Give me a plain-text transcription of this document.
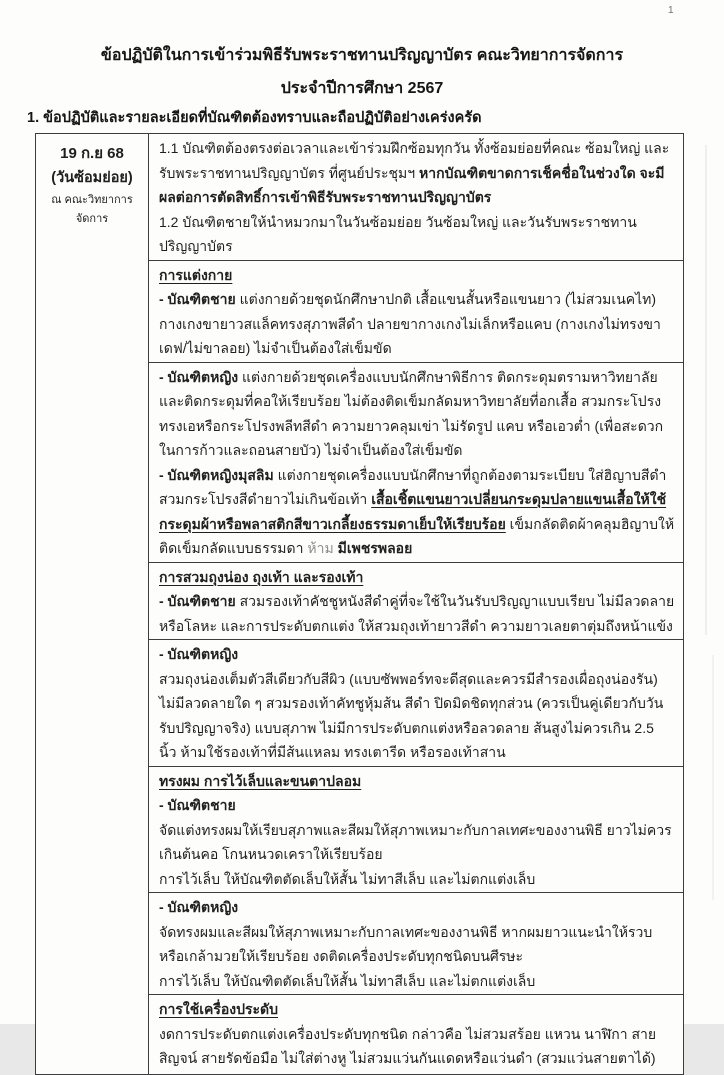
1
ข้อปฏิบัติในการเข้าร่วมพิธีรับพระราชทานปริญญาบัตร คณะวิทยาการจัดการ
ประจำปีการศึกษา 2567
1. ข้อปฏิบัติและรายละเอียดที่บัณฑิตต้องทราบและถือปฏิบัติอย่างเคร่งครัด
19 ก.ย 68
(วันซ้อมย่อย)
ณ คณะวิทยาการจัดการ

1.1 บัณฑิตต้องตรงต่อเวลาและเข้าร่วมฝึกซ้อมทุกวัน ทั้งซ้อมย่อยที่คณะ ซ้อมใหญ่ และ รับพระราชทานปริญญาบัตร ที่ศูนย์ประชุมฯ หากบัณฑิตขาดการเช็คชื่อในช่วงใด จะมีผลต่อการตัดสิทธิ์การเข้าพิธีรับพระราชทานปริญญาบัตร

1.2 บัณฑิตชายให้นำหมวกมาในวันซ้อมย่อย วันซ้อมใหญ่ และวันรับพระราชทานปริญญาบัตร

การแต่งกาย

- บัณฑิตชาย แต่งกายด้วยชุดนักศึกษาปกติ เสื้อแขนสั้นหรือแขนยาว (ไม่สวมเนคไท) กางเกงขายาวสแล็คทรงสุภาพสีดำ ปลายขากางเกงไม่เล็กหรือแคบ (กางเกงไม่ทรงขาเดฟ/ไม่ขาลอย) ไม่จำเป็นต้องใส่เข็มขัด

- บัณฑิตหญิง แต่งกายด้วยชุดเครื่องแบบนักศึกษาพิธีการ ติดกระดุมตรามหาวิทยาลัยและติดกระดุมที่คอให้เรียบร้อย ไม่ต้องติดเข็มกลัดมหาวิทยาลัยที่อกเสื้อ สวมกระโปรงทรงเอหรือกระโปรงพลีทสีดำ ความยาวคลุมเข่า ไม่รัดรูป แคบ หรือเอวต่ำ (เพื่อสะดวกในการก้าวและถอนสายบัว) ไม่จำเป็นต้องใส่เข็มขัด

- บัณฑิตหญิงมุสลิม แต่งกายชุดเครื่องแบบนักศึกษาที่ถูกต้องตามระเบียบ ใส่ฮิญาบสีดำ สวมกระโปรงสีดำยาวไม่เกินข้อเท้า เสื้อเชิ้ตแขนยาวเปลี่ยนกระดุมปลายแขนเสื้อให้ใช้กระดุมผ้าหรือพลาสติกสีขาวเกลี้ยงธรรมดาเย็บให้เรียบร้อย เข็มกลัดติดผ้าคลุมฮิญาบให้ติดเข็มกลัดแบบธรรมดา ห้าม มีเพชรพลอย

การสวมถุงน่อง ถุงเท้า และรองเท้า

- บัณฑิตชาย สวมรองเท้าคัชชูหนังสีดำคู่ที่จะใช้ในวันรับปริญญาแบบเรียบ ไม่มีลวดลายหรือโลหะ และการประดับตกแต่ง ให้สวมถุงเท้ายาวสีดำ ความยาวเลยตาตุ่มถึงหน้าแข้ง

- บัณฑิตหญิง

สวมถุงน่องเต็มตัวสีเดียวกับสีผิว (แบบซัพพอร์ทจะดีสุดและควรมีสำรองเผื่อถุงน่องรัน) ไม่มีลวดลายใด ๆ สวมรองเท้าคัทชูหุ้มส้น สีดำ ปิดมิดชิดทุกส่วน (ควรเป็นคู่เดียวกับวันรับปริญญาจริง) แบบสุภาพ ไม่มีการประดับตกแต่งหรือลวดลาย ส้นสูงไม่ควรเกิน 2.5 นิ้ว ห้ามใช้รองเท้าที่มีส้นแหลม ทรงเตารีด หรือรองเท้าสาน

ทรงผม การไว้เล็บและขนตาปลอม

- บัณฑิตชาย

จัดแต่งทรงผมให้เรียบสุภาพและสีผมให้สุภาพเหมาะกับกาลเทศะของงานพิธี ยาวไม่ควรเกินต้นคอ โกนหนวดเคราให้เรียบร้อย

การไว้เล็บ ให้บัณฑิตตัดเล็บให้สั้น ไม่ทาสีเล็บ และไม่ตกแต่งเล็บ

- บัณฑิตหญิง

จัดทรงผมและสีผมให้สุภาพเหมาะกับกาลเทศะของงานพิธี หากผมยาวแนะนำให้รวบหรือเกล้ามวยให้เรียบร้อย งดติดเครื่องประดับทุกชนิดบนศีรษะ

การไว้เล็บ ให้บัณฑิตตัดเล็บให้สั้น ไม่ทาสีเล็บ และไม่ตกแต่งเล็บ

การใช้เครื่องประดับ

งดการประดับตกแต่งเครื่องประดับทุกชนิด กล่าวคือ ไม่สวมสร้อย แหวน นาฬิกา สายสิญจน์ สายรัดข้อมือ ไม่ใส่ต่างหู ไม่สวมแว่นกันแดดหรือแว่นดำ (สวมแว่นสายตาได้)
